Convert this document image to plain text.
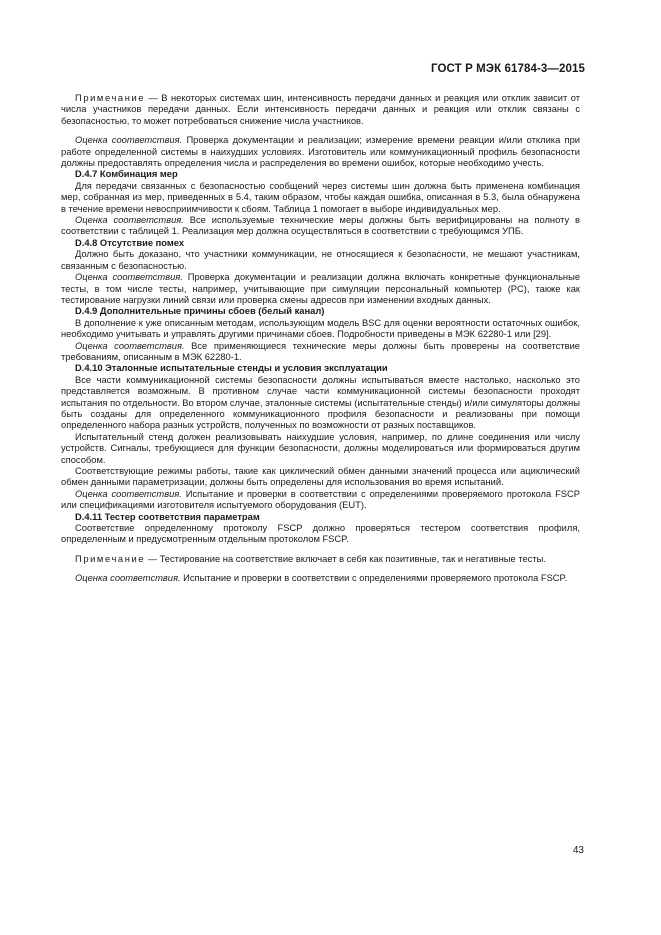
ГОСТ Р МЭК 61784-3—2015

Примечание — В некоторых системах шин, интенсивность передачи данных и реакция или отклик зависит от числа участников передачи данных. Если интенсивность передачи данных и реакция или отклик связаны с безопасностью, то может потребоваться снижение числа участников.

Оценка соответствия. Проверка документации и реализации; измерение времени реакции и/или отклика при работе определенной системы в наихудших условиях. Изготовитель или коммуникационный профиль безопасности должны предоставлять определения числа и распределения во времени ошибок, которые необходимо учесть.

D.4.7 Комбинация мер

Для передачи связанных с безопасностью сообщений через системы шин должна быть применена комбинация мер, собранная из мер, приведенных в 5.4, таким образом, чтобы каждая ошибка, описанная в 5.3, была обнаружена в течение времени невосприимчивости к сбоям. Таблица 1 помогает в выборе индивидуальных мер.

Оценка соответствия. Все используемые технические меры должны быть верифицированы на полноту в соответствии с таблицей 1. Реализация мер должна осуществляться в соответствии с требующимся УПБ.

D.4.8 Отсутствие помех

Должно быть доказано, что участники коммуникации, не относящиеся к безопасности, не мешают участникам, связанным с безопасностью.

Оценка соответствия. Проверка документации и реализации должна включать конкретные функциональные тесты, в том числе тесты, например, учитывающие при симуляции персональный компьютер (PC), также как тестирование нагрузки линий связи или проверка смены адресов при изменении входных данных.

D.4.9 Дополнительные причины сбоев (белый канал)

В дополнение к уже описанным методам, использующим модель BSC для оценки вероятности остаточных ошибок, необходимо учитывать и управлять другими причинами сбоев. Подробности приведены в МЭК 62280-1 или [29].

Оценка соответствия. Все применяющиеся технические меры должны быть проверены на соответствие требованиям, описанным в МЭК 62280-1.

D.4.10 Эталонные испытательные стенды и условия эксплуатации

Все части коммуникационной системы безопасности должны испытываться вместе настолько, насколько это представляется возможным. В противном случае части коммуникационной системы безопасности проходят испытания по отдельности. Во втором случае, эталонные системы (испытательные стенды) и/или симуляторы должны быть созданы для определенного коммуникационного профиля безопасности и реализованы при помощи определенного набора разных устройств, полученных по возможности от разных поставщиков.

Испытательный стенд должен реализовывать наихудшие условия, например, по длине соединения или числу устройств. Сигналы, требующиеся для функции безопасности, должны моделироваться или формироваться другим способом.

Соответствующие режимы работы, такие как циклический обмен данными значений процесса или ациклический обмен данными параметризации, должны быть определены для использования во время испытаний.

Оценка соответствия. Испытание и проверки в соответствии с определениями проверяемого протокола FSCP или спецификациями изготовителя испытуемого оборудования (EUT).

D.4.11 Тестер соответствия параметрам

Соответствие определенному протоколу FSCP должно проверяться тестером соответствия профиля, определенным и предусмотренным отдельным протоколом FSCP.

Примечание — Тестирование на соответствие включает в себя как позитивные, так и негативные тесты.

Оценка соответствия. Испытание и проверки в соответствии с определениями проверяемого протокола FSCP.

43
